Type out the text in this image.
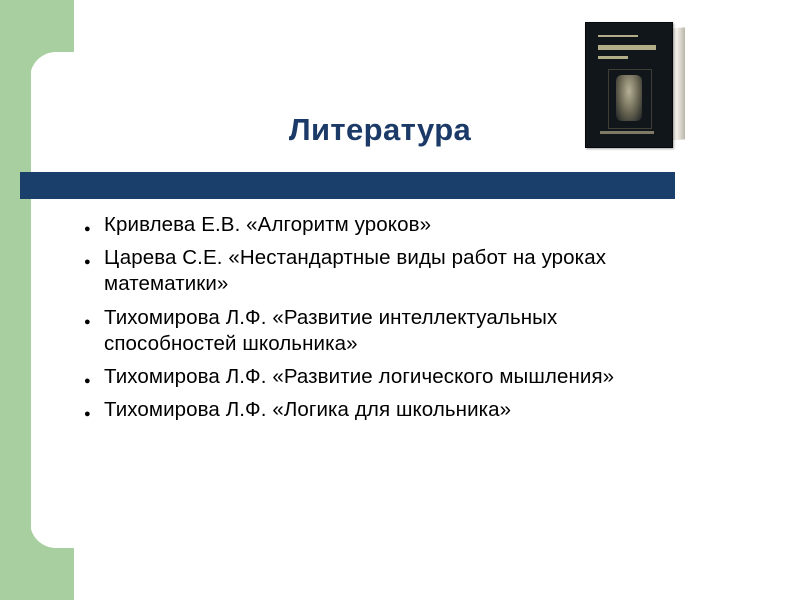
Литература
●
Кривлева Е.В. «Алгоритм уроков»
●
Царева С.Е. «Нестандартные виды работ на уроках математики»
●
Тихомирова Л.Ф. «Развитие интеллектуальных способностей школьника»
●
Тихомирова Л.Ф. «Развитие логического мышления»
●
Тихомирова Л.Ф. «Логика для школьника»
